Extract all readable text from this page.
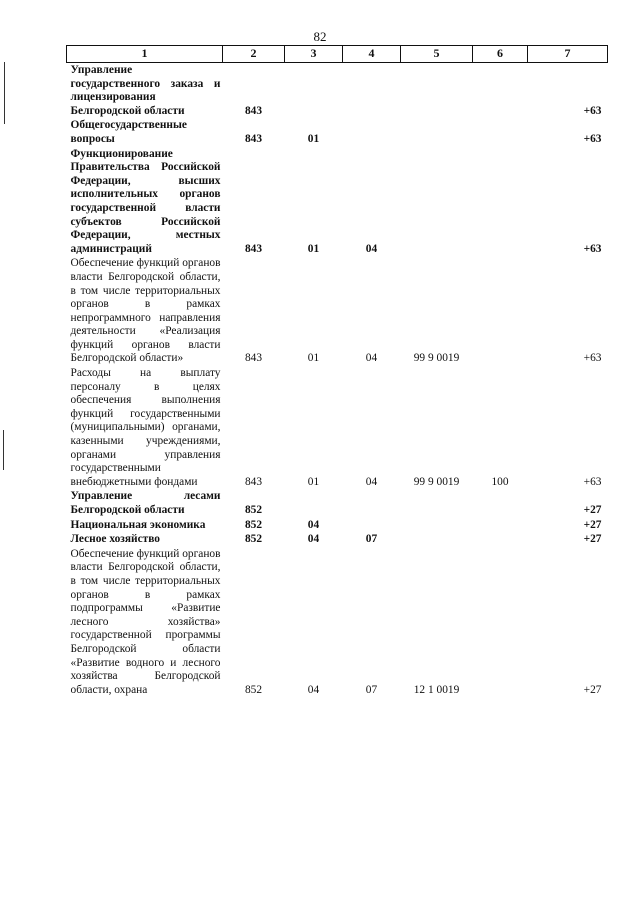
82
1	2	3	4	5	6	7
Управление государственного заказа и лицензирования Белгородской области	843					+63
Общегосударственные вопросы	843	01				+63
Функционирование Правительства Российской Федерации, высших исполнительных органов государственной власти субъектов Российской Федерации, местных администраций	843	01	04			+63
Обеспечение функций органов власти Белгородской области, в том числе территориальных органов в рамках непрограммного направления деятельности «Реализация функций органов власти Белгородской области»	843	01	04	99 9 0019		+63
Расходы на выплату персоналу в целях обеспечения выполнения функций государственными (муниципальными) органами, казенными учреждениями, органами управления государственными внебюджетными фондами	843	01	04	99 9 0019	100	+63
Управление лесами Белгородской области	852					+27
Национальная экономика	852	04				+27
Лесное хозяйство	852	04	07			+27
Обеспечение функций органов власти Белгородской области, в том числе территориальных органов в рамках подпрограммы «Развитие лесного хозяйства» государственной программы Белгородской области «Развитие водного и лесного хозяйства Белгородской области, охрана	852	04	07	12 1 0019		+27
